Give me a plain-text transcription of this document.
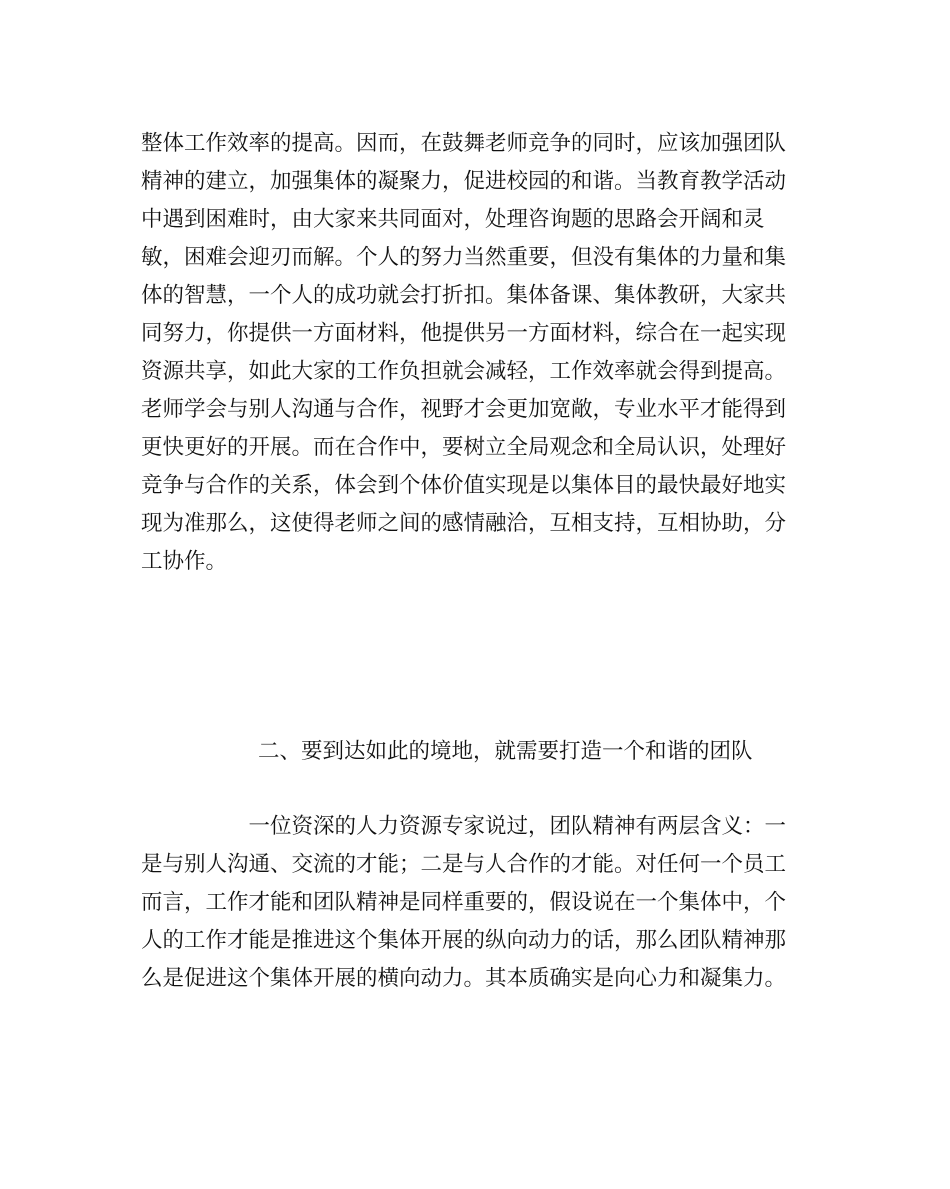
整体工作效率的提高。因而，在鼓舞老师竞争的同时，应该加强团队
精神的建立，加强集体的凝聚力，促进校园的和谐。当教育教学活动
中遇到困难时，由大家来共同面对，处理咨询题的思路会开阔和灵
敏，困难会迎刃而解。个人的努力当然重要，但没有集体的力量和集
体的智慧，一个人的成功就会打折扣。集体备课、集体教研，大家共
同努力，你提供一方面材料，他提供另一方面材料，综合在一起实现
资源共享，如此大家的工作负担就会减轻，工作效率就会得到提高。
老师学会与别人沟通与合作，视野才会更加宽敞，专业水平才能得到
更快更好的开展。而在合作中，要树立全局观念和全局认识，处理好
竞争与合作的关系，体会到个体价值实现是以集体目的最快最好地实
现为准那么，这使得老师之间的感情融洽，互相支持，互相协助，分
工协作。
二、要到达如此的境地，就需要打造一个和谐的团队
　　　　　一位资深的人力资源专家说过，团队精神有两层含义：一
是与别人沟通、交流的才能；二是与人合作的才能。对任何一个员工
而言，工作才能和团队精神是同样重要的，假设说在一个集体中，个
人的工作才能是推进这个集体开展的纵向动力的话，那么团队精神那
么是促进这个集体开展的横向动力。其本质确实是向心力和凝集力。
